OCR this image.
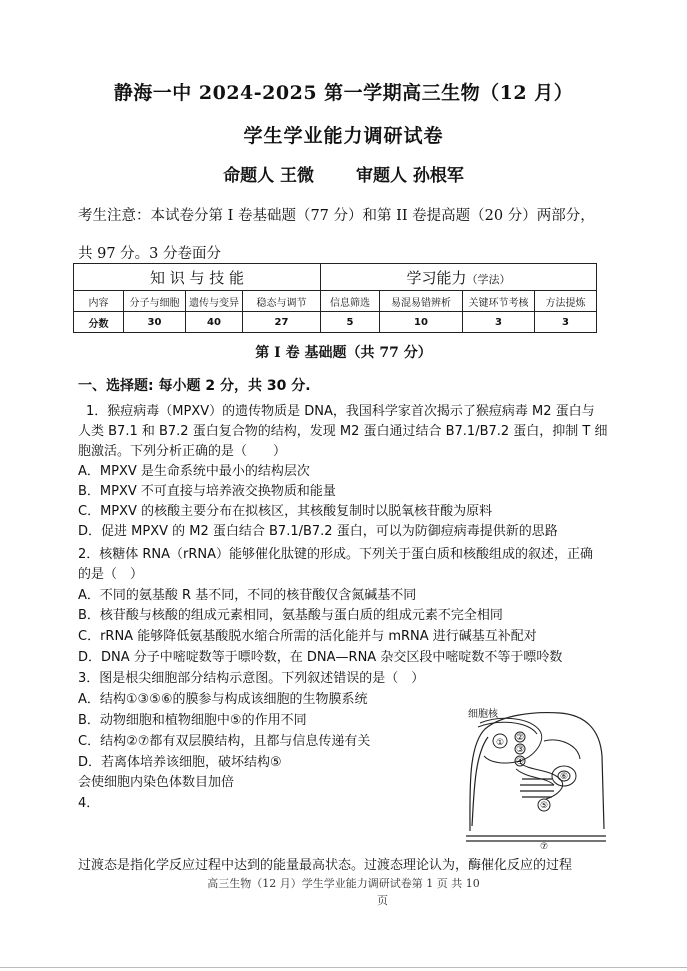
静海一中 2024-2025 第一学期高三生物（12 月）
学生学业能力调研试卷
命题人 王微 审题人 孙根军
考生注意：本试卷分第 I 卷基础题（77 分）和第 II 卷提高题（20 分）两部分，
共 97 分。3 分卷面分
知 识 与 技 能				学习能力（学法）			
内容	分子与细胞	遗传与变异	稳态与调节	信息筛选	易混易错辨析	关键环节考核	方法提炼
分数	30	40	27	5	10	3	3
第 I 卷 基础题（共 77 分）
一、选择题: 每小题 2 分，共 30 分.
1．猴痘病毒（MPXV）的遗传物质是 DNA，我国科学家首次揭示了猴痘病毒 M2 蛋白与
人类 B7.1 和 B7.2 蛋白复合物的结构，发现 M2 蛋白通过结合 B7.1/B7.2 蛋白，抑制 T 细
胞激活。下列分析正确的是（　　）
A．MPXV 是生命系统中最小的结构层次
B．MPXV 不可直接与培养液交换物质和能量
C．MPXV 的核酸主要分布在拟核区，其核酸复制时以脱氧核苷酸为原料
D．促进 MPXV 的 M2 蛋白结合 B7.1/B7.2 蛋白，可以为防御痘病毒提供新的思路
2．核糖体 RNA（rRNA）能够催化肽键的形成。下列关于蛋白质和核酸组成的叙述，正确
的是（　）
A．不同的氨基酸 R 基不同，不同的核苷酸仅含氮碱基不同
B．核苷酸与核酸的组成元素相同，氨基酸与蛋白质的组成元素不完全相同
C．rRNA 能够降低氨基酸脱水缩合所需的活化能并与 mRNA 进行碱基互补配对
D．DNA 分子中嘧啶数等于嘌呤数，在 DNA—RNA 杂交区段中嘧啶数不等于嘌呤数
3．图是根尖细胞部分结构示意图。下列叙述错误的是（　）
A．结构①③⑤⑥的膜参与构成该细胞的生物膜系统
B．动物细胞和植物细胞中⑤的作用不同
C．结构②⑦都有双层膜结构，且都与信息传递有关
D．若离体培养该细胞，破坏结构⑤
会使细胞内染色体数目加倍
4．
细胞核
① ②
③
④
⑤
⑥
⑦
过渡态是指化学反应过程中达到的能量最高状态。过渡态理论认为，酶催化反应的过程
高三生物（12 月）学生学业能力调研试卷第 1 页 共 10
页
